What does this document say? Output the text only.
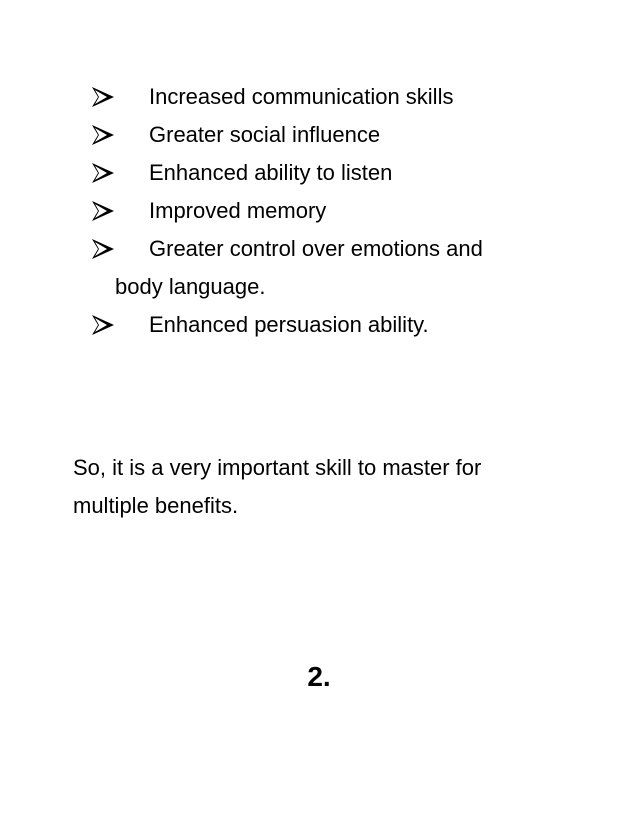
Increased communication skills
Greater social influence
Enhanced ability to listen
Improved memory
Greater control over emotions and
body language.
Enhanced persuasion ability.
So, it is a very important skill to master for
multiple benefits.
2.
